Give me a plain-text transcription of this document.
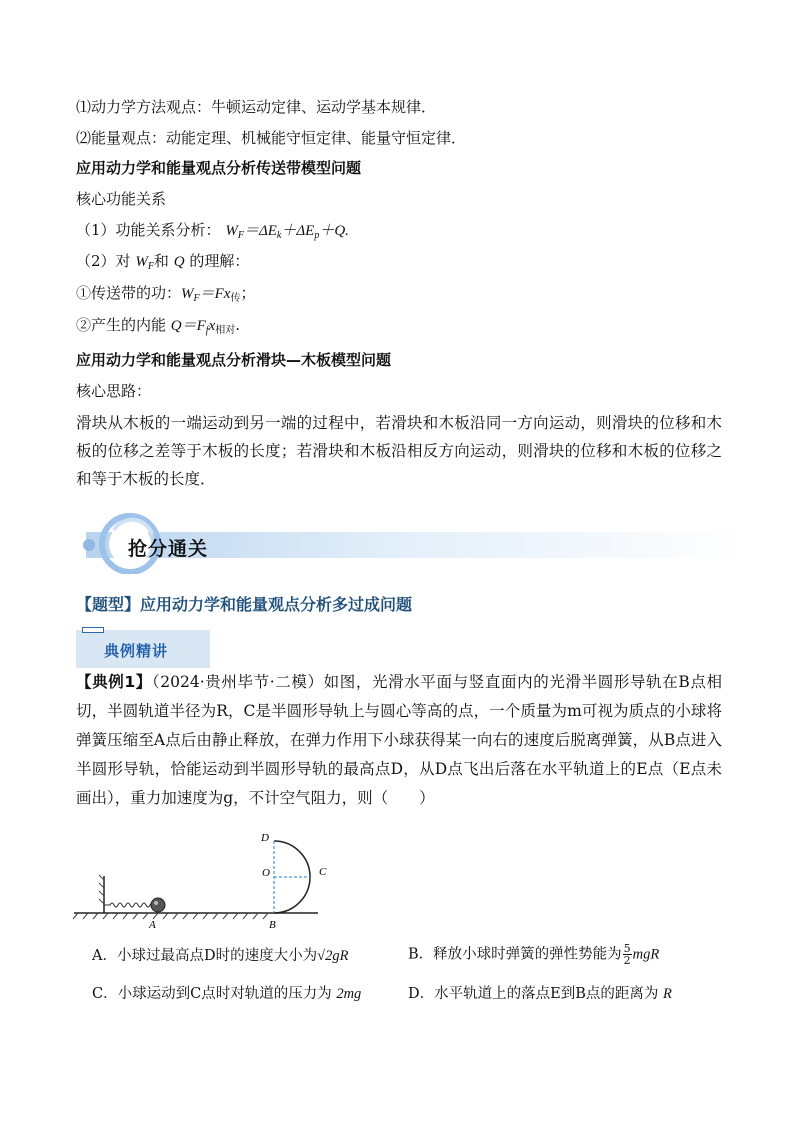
⑴动力学方法观点：牛顿运动定律、运动学基本规律．
⑵能量观点：动能定理、机械能守恒定律、能量守恒定律．
应用动力学和能量观点分析传送带模型问题
核心功能关系
（1）功能关系分析： $W_F=\Delta E_k+\Delta E_p+Q$.
（2）对 $W_F$和 Q 的理解：
①传送带的功：$W_F=Fx_传$；
②产生的内能 $Q=F_fx_{相对}$.
应用动力学和能量观点分析滑块—木板模型问题
核心思路：
滑块从木板的一端运动到另一端的过程中，若滑块和木板沿同一方向运动，则滑块的位移和木板的位移之差等于木板的长度；若滑块和木板沿相反方向运动，则滑块的位移和木板的位移之和等于木板的长度．
抢分通关
【题型】应用动力学和能量观点分析多过成问题
典例精讲
【典例1】（2024·贵州毕节·二模）如图，光滑水平面与竖直面内的光滑半圆形导轨在B点相切，半圆轨道半径为R，C是半圆形导轨上与圆心等高的点，一个质量为m可视为质点的小球将弹簧压缩至A点后由静止释放，在弹力作用下小球获得某一向右的速度后脱离弹簧，从B点进入半圆形导轨，恰能运动到半圆形导轨的最高点D，从D点飞出后落在水平轨道上的E点（E点未画出），重力加速度为g，不计空气阻力，则（　　）
D
O	C
A	B
A．小球过最高点D时的速度大小为√2gR	B．释放小球时弹簧的弹性势能为 $\frac{5}{2}$ mgR
C．小球运动到C点时对轨道的压力为 2mg	D．水平轨道上的落点E到B点的距离为 R
